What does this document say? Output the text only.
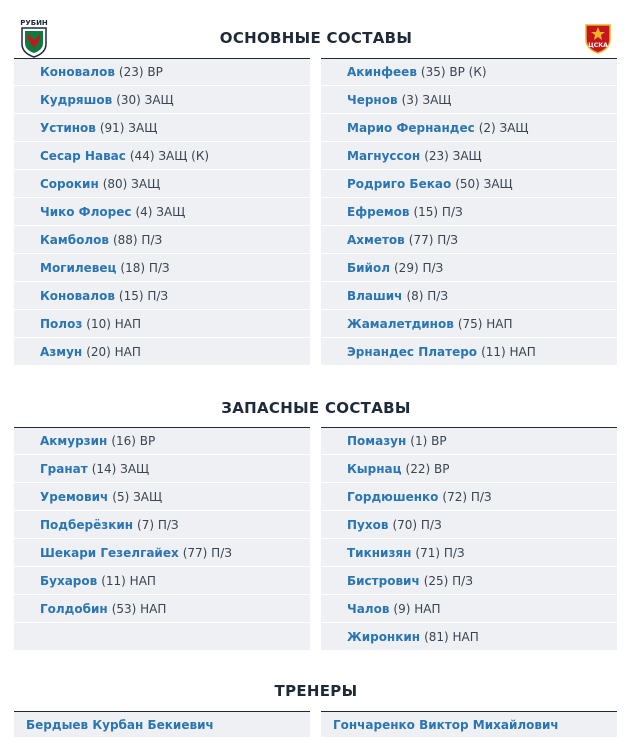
РУБИН
ЦСКА
ОСНОВНЫЕ СОСТАВЫ
Коновалов (23) ВР
Кудряшов (30) ЗАЩ
Устинов (91) ЗАЩ
Сесар Навас (44) ЗАЩ (К)
Сорокин (80) ЗАЩ
Чико Флорес (4) ЗАЩ
Камболов (88) П/З
Могилевец (18) П/З
Коновалов (15) П/З
Полоз (10) НАП
Азмун (20) НАП
Акинфеев (35) ВР (К)
Чернов (3) ЗАЩ
Марио Фернандес (2) ЗАЩ
Магнуссон (23) ЗАЩ
Родриго Бекао (50) ЗАЩ
Ефремов (15) П/З
Ахметов (77) П/З
Бийол (29) П/З
Влашич (8) П/З
Жамалетдинов (75) НАП
Эрнандес Платеро (11) НАП
ЗАПАСНЫЕ СОСТАВЫ
Акмурзин (16) ВР
Гранат (14) ЗАЩ
Уремович (5) ЗАЩ
Подберёзкин (7) П/З
Шекари Гезелгайех (77) П/З
Бухаров (11) НАП
Голдобин (53) НАП
Помазун (1) ВР
Кырнац (22) ВР
Гордюшенко (72) П/З
Пухов (70) П/З
Тикнизян (71) П/З
Бистрович (25) П/З
Чалов (9) НАП
Жиронкин (81) НАП
ТРЕНЕРЫ
Бердыев Курбан Бекиевич	Гончаренко Виктор Михайлович
